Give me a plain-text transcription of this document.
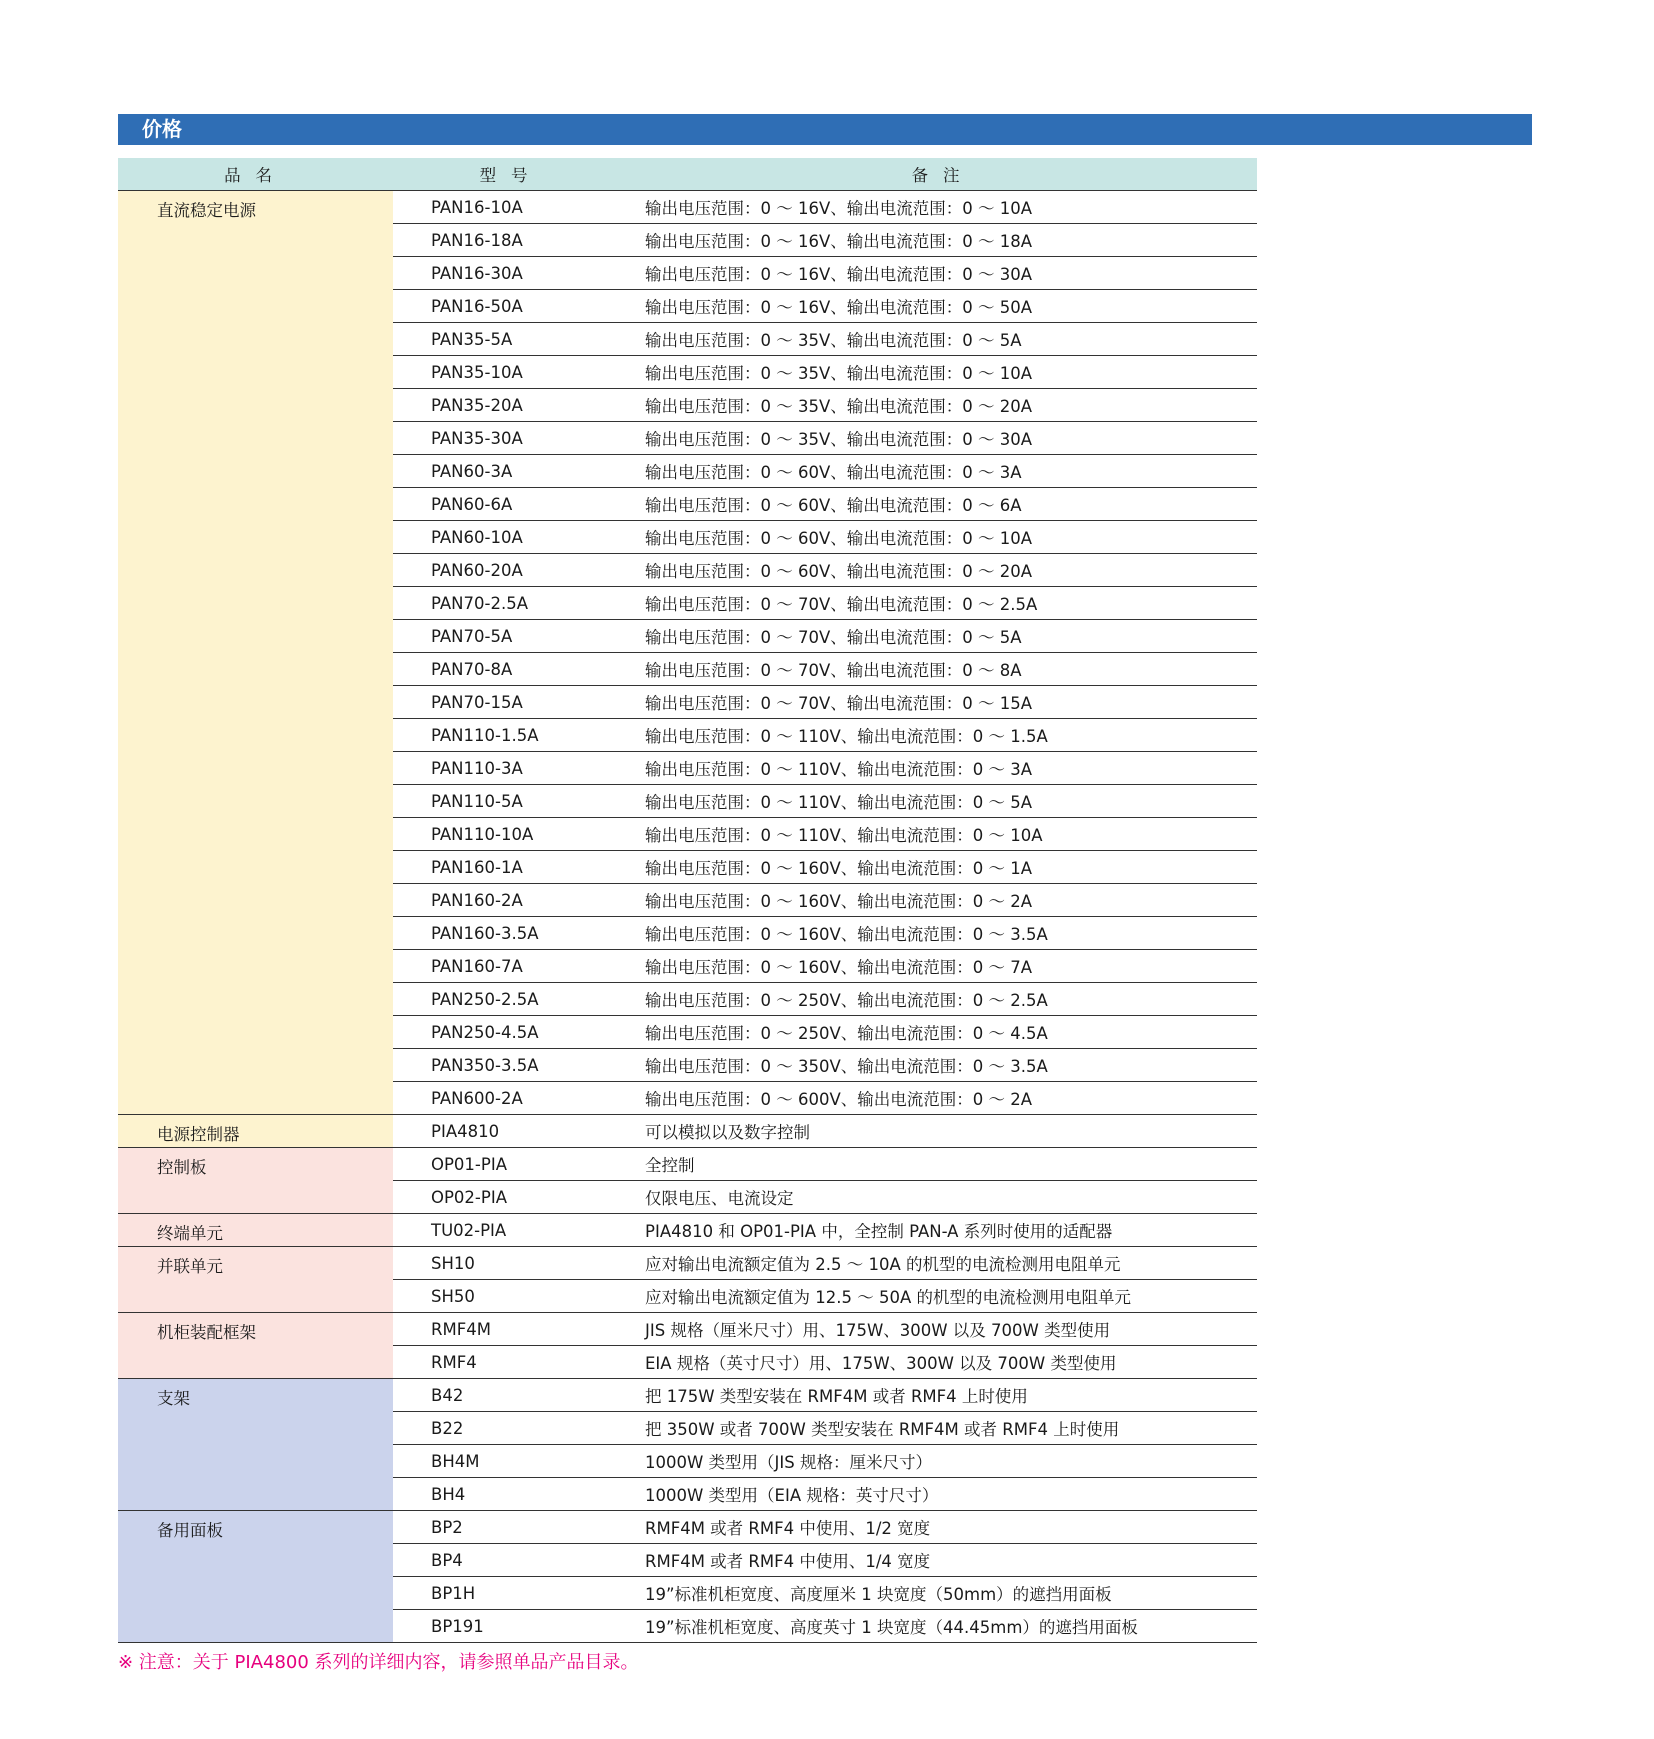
价格
品名	型号	备注
直流稳定电源	PAN16-10A	输出电压范围：0 ～ 16V、输出电流范围：0 ～ 10A
	PAN16-18A	输出电压范围：0 ～ 16V、输出电流范围：0 ～ 18A
	PAN16-30A	输出电压范围：0 ～ 16V、输出电流范围：0 ～ 30A
	PAN16-50A	输出电压范围：0 ～ 16V、输出电流范围：0 ～ 50A
	PAN35-5A	输出电压范围：0 ～ 35V、输出电流范围：0 ～ 5A
	PAN35-10A	输出电压范围：0 ～ 35V、输出电流范围：0 ～ 10A
	PAN35-20A	输出电压范围：0 ～ 35V、输出电流范围：0 ～ 20A
	PAN35-30A	输出电压范围：0 ～ 35V、输出电流范围：0 ～ 30A
	PAN60-3A	输出电压范围：0 ～ 60V、输出电流范围：0 ～ 3A
	PAN60-6A	输出电压范围：0 ～ 60V、输出电流范围：0 ～ 6A
	PAN60-10A	输出电压范围：0 ～ 60V、输出电流范围：0 ～ 10A
	PAN60-20A	输出电压范围：0 ～ 60V、输出电流范围：0 ～ 20A
	PAN70-2.5A	输出电压范围：0 ～ 70V、输出电流范围：0 ～ 2.5A
	PAN70-5A	输出电压范围：0 ～ 70V、输出电流范围：0 ～ 5A
	PAN70-8A	输出电压范围：0 ～ 70V、输出电流范围：0 ～ 8A
	PAN70-15A	输出电压范围：0 ～ 70V、输出电流范围：0 ～ 15A
	PAN110-1.5A	输出电压范围：0 ～ 110V、输出电流范围：0 ～ 1.5A
	PAN110-3A	输出电压范围：0 ～ 110V、输出电流范围：0 ～ 3A
	PAN110-5A	输出电压范围：0 ～ 110V、输出电流范围：0 ～ 5A
	PAN110-10A	输出电压范围：0 ～ 110V、输出电流范围：0 ～ 10A
	PAN160-1A	输出电压范围：0 ～ 160V、输出电流范围：0 ～ 1A
	PAN160-2A	输出电压范围：0 ～ 160V、输出电流范围：0 ～ 2A
	PAN160-3.5A	输出电压范围：0 ～ 160V、输出电流范围：0 ～ 3.5A
	PAN160-7A	输出电压范围：0 ～ 160V、输出电流范围：0 ～ 7A
	PAN250-2.5A	输出电压范围：0 ～ 250V、输出电流范围：0 ～ 2.5A
	PAN250-4.5A	输出电压范围：0 ～ 250V、输出电流范围：0 ～ 4.5A
	PAN350-3.5A	输出电压范围：0 ～ 350V、输出电流范围：0 ～ 3.5A
	PAN600-2A	输出电压范围：0 ～ 600V、输出电流范围：0 ～ 2A
电源控制器	PIA4810	可以模拟以及数字控制
控制板	OP01-PIA	全控制
	OP02-PIA	仅限电压、电流设定
终端单元	TU02-PIA	PIA4810 和 OP01-PIA 中，全控制 PAN-A 系列时使用的适配器
并联单元	SH10	应对输出电流额定值为 2.5 ～ 10A 的机型的电流检测用电阻单元
	SH50	应对输出电流额定值为 12.5 ～ 50A 的机型的电流检测用电阻单元
机柜装配框架	RMF4M	JIS 规格（厘米尺寸）用、175W、300W 以及 700W 类型使用
	RMF4	EIA 规格（英寸尺寸）用、175W、300W 以及 700W 类型使用
支架	B42	把 175W 类型安装在 RMF4M 或者 RMF4 上时使用
	B22	把 350W 或者 700W 类型安装在 RMF4M 或者 RMF4 上时使用
	BH4M	1000W 类型用（JIS 规格：厘米尺寸）
	BH4	1000W 类型用（EIA 规格：英寸尺寸）
备用面板	BP2	RMF4M 或者 RMF4 中使用、1/2 宽度
	BP4	RMF4M 或者 RMF4 中使用、1/4 宽度
	BP1H	19”标准机柜宽度、高度厘米 1 块宽度（50mm）的遮挡用面板
	BP191	19”标准机柜宽度、高度英寸 1 块宽度（44.45mm）的遮挡用面板
※ 注意：关于 PIA4800 系列的详细内容，请参照单品产品目录。
